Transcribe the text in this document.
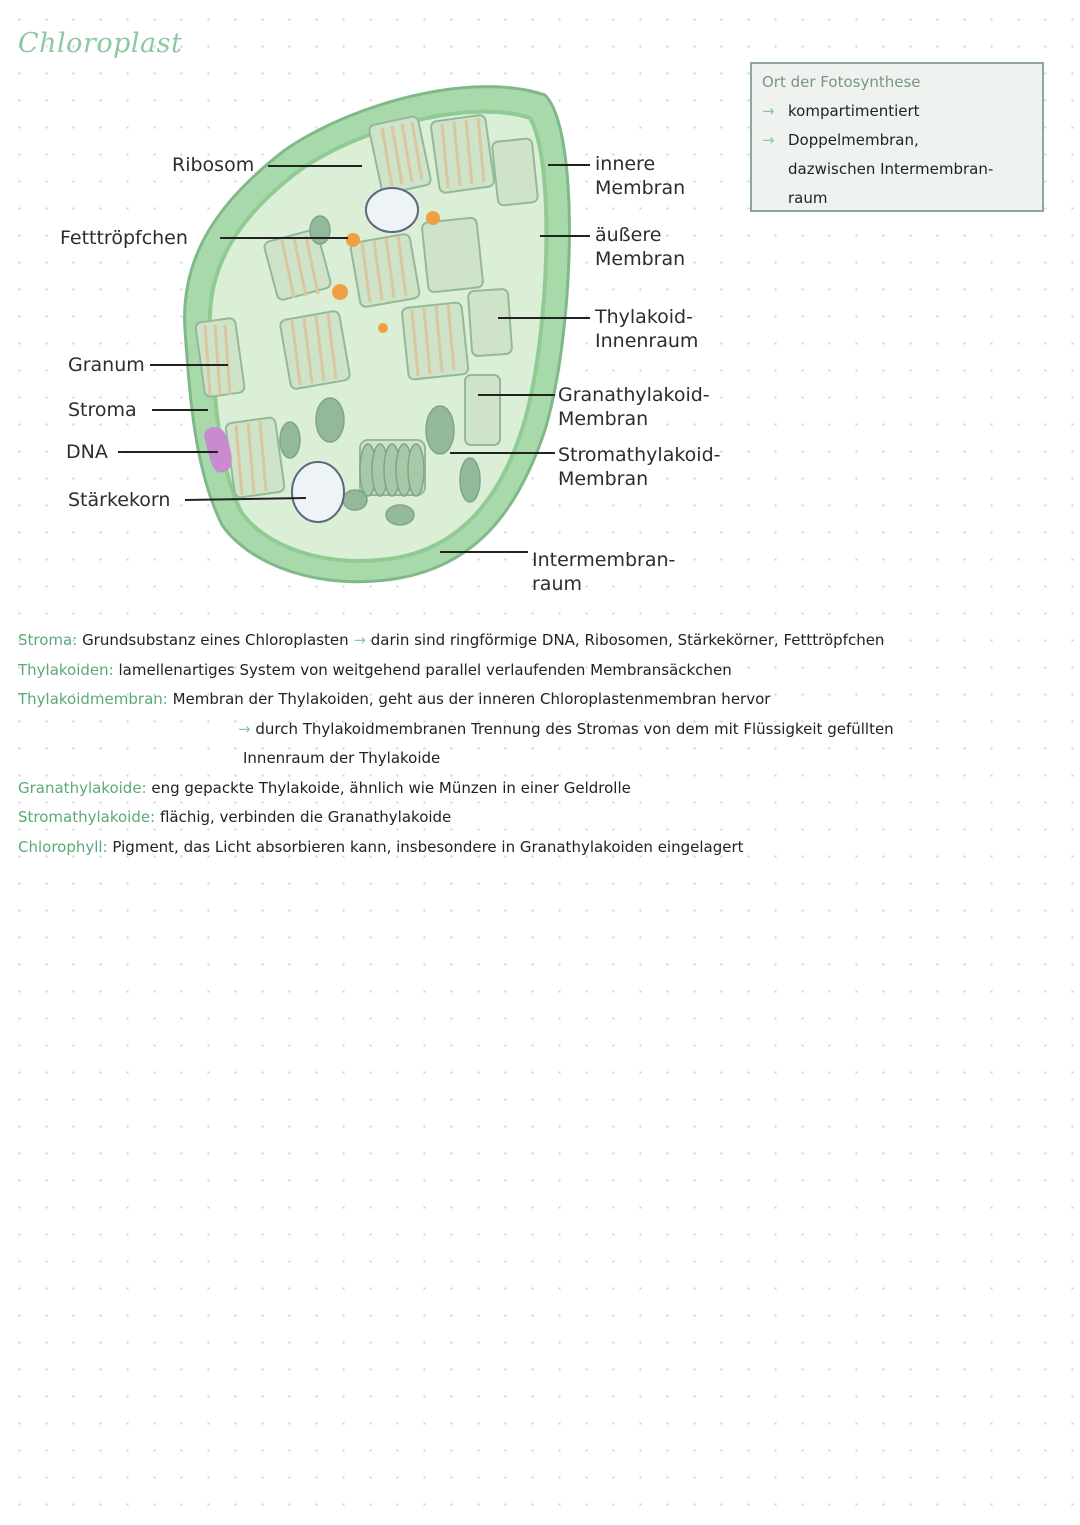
Chloroplast
Ort der Fotosynthese
→ kompartimentiert
→ Doppelmembran,
dazwischen Intermembran-
raum
Ribosom
Fetttröpfchen
Granum
Stroma
DNA
Stärkekorn
innere
Membran
äußere
Membran
Thylakoid-
Innenraum
Granathylakoid-
Membran
Stromathylakoid-
Membran
Intermembran-
raum
Stroma: Grundsubstanz eines Chloroplasten → darin sind ringförmige DNA, Ribosomen, Stärkekörner, Fetttröpfchen
Thylakoiden: lamellenartiges System von weitgehend parallel verlaufenden Membransäckchen
Thylakoidmembran: Membran der Thylakoiden, geht aus der inneren Chloroplastenmembran hervor
→ durch Thylakoidmembranen Trennung des Stromas von dem mit Flüssigkeit gefüllten
Innenraum der Thylakoide
Granathylakoide: eng gepackte Thylakoide, ähnlich wie Münzen in einer Geldrolle
Stromathylakoide: flächig, verbinden die Granathylakoide
Chlorophyll: Pigment, das Licht absorbieren kann, insbesondere in Granathylakoiden eingelagert
